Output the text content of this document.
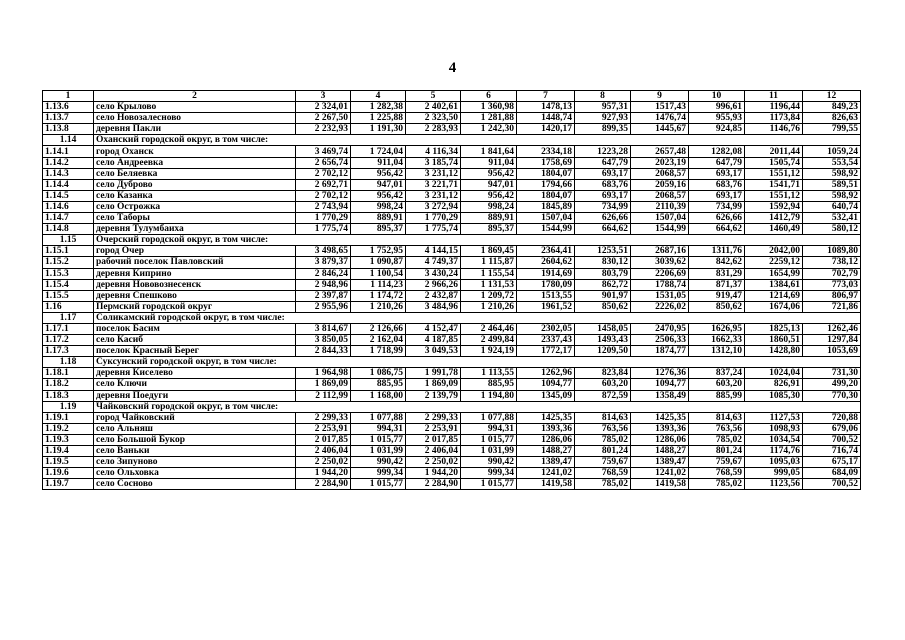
4
1	2	3	4	5	6	7	8	9	10	11	12
1.13.6	село Крылово	2 324,01	1 282,38	2 402,61	1 360,98	1478,13	957,31	1517,43	996,61	1196,44	849,23
1.13.7	село Новозалесново	2 267,50	1 225,88	2 323,50	1 281,88	1448,74	927,93	1476,74	955,93	1173,84	826,63
1.13.8	деревня Пакли	2 232,93	1 191,30	2 283,93	1 242,30	1420,17	899,35	1445,67	924,85	1146,76	799,55
1.14	Оханский городской округ, в том числе:										
1.14.1	город Оханск	3 469,74	1 724,04	4 116,34	1 841,64	2334,18	1223,28	2657,48	1282,08	2011,44	1059,24
1.14.2	село Андреевка	2 656,74	911,04	3 185,74	911,04	1758,69	647,79	2023,19	647,79	1505,74	553,54
1.14.3	село Беляевка	2 702,12	956,42	3 231,12	956,42	1804,07	693,17	2068,57	693,17	1551,12	598,92
1.14.4	село Дуброво	2 692,71	947,01	3 221,71	947,01	1794,66	683,76	2059,16	683,76	1541,71	589,51
1.14.5	село Казанка	2 702,12	956,42	3 231,12	956,42	1804,07	693,17	2068,57	693,17	1551,12	598,92
1.14.6	село Острожка	2 743,94	998,24	3 272,94	998,24	1845,89	734,99	2110,39	734,99	1592,94	640,74
1.14.7	село Таборы	1 770,29	889,91	1 770,29	889,91	1507,04	626,66	1507,04	626,66	1412,79	532,41
1.14.8	деревня Тулумбаиха	1 775,74	895,37	1 775,74	895,37	1544,99	664,62	1544,99	664,62	1460,49	580,12
1.15	Очерский городской округ, в том числе:										
1.15.1	город Очер	3 498,65	1 752,95	4 144,15	1 869,45	2364,41	1253,51	2687,16	1311,76	2042,00	1089,80
1.15.2	рабочий поселок Павловский	3 879,37	1 090,87	4 749,37	1 115,87	2604,62	830,12	3039,62	842,62	2259,12	738,12
1.15.3	деревня Киприно	2 846,24	1 100,54	3 430,24	1 155,54	1914,69	803,79	2206,69	831,29	1654,99	702,79
1.15.4	деревня Нововознесенск	2 948,96	1 114,23	2 966,26	1 131,53	1780,09	862,72	1788,74	871,37	1384,61	773,03
1.15.5	деревня Спешково	2 397,87	1 174,72	2 432,87	1 209,72	1513,55	901,97	1531,05	919,47	1214,69	806,97
1.16	Пермский городской округ	2 955,96	1 210,26	3 484,96	1 210,26	1961,52	850,62	2226,02	850,62	1674,06	721,86
1.17	Соликамский городской округ, в том числе:										
1.17.1	поселок Басим	3 814,67	2 126,66	4 152,47	2 464,46	2302,05	1458,05	2470,95	1626,95	1825,13	1262,46
1.17.2	село Касиб	3 850,05	2 162,04	4 187,85	2 499,84	2337,43	1493,43	2506,33	1662,33	1860,51	1297,84
1.17.3	поселок Красный Берег	2 844,33	1 718,99	3 049,53	1 924,19	1772,17	1209,50	1874,77	1312,10	1428,80	1053,69
1.18	Суксунский городской округ, в том числе:										
1.18.1	деревня Киселево	1 964,98	1 086,75	1 991,78	1 113,55	1262,96	823,84	1276,36	837,24	1024,04	731,30
1.18.2	село Ключи	1 869,09	885,95	1 869,09	885,95	1094,77	603,20	1094,77	603,20	826,91	499,20
1.18.3	деревня Поедуги	2 112,99	1 168,00	2 139,79	1 194,80	1345,09	872,59	1358,49	885,99	1085,30	770,30
1.19	Чайковский городской округ, в том числе:										
1.19.1	город Чайковский	2 299,33	1 077,88	2 299,33	1 077,88	1425,35	814,63	1425,35	814,63	1127,53	720,88
1.19.2	село Альняш	2 253,91	994,31	2 253,91	994,31	1393,36	763,56	1393,36	763,56	1098,93	679,06
1.19.3	село Большой Букор	2 017,85	1 015,77	2 017,85	1 015,77	1286,06	785,02	1286,06	785,02	1034,54	700,52
1.19.4	село Ваньки	2 406,04	1 031,99	2 406,04	1 031,99	1488,27	801,24	1488,27	801,24	1174,76	716,74
1.19.5	село Зипуново	2 250,02	990,42	2 250,02	990,42	1389,47	759,67	1389,47	759,67	1095,03	675,17
1.19.6	село Ольховка	1 944,20	999,34	1 944,20	999,34	1241,02	768,59	1241,02	768,59	999,05	684,09
1.19.7	село Сосново	2 284,90	1 015,77	2 284,90	1 015,77	1419,58	785,02	1419,58	785,02	1123,56	700,52
